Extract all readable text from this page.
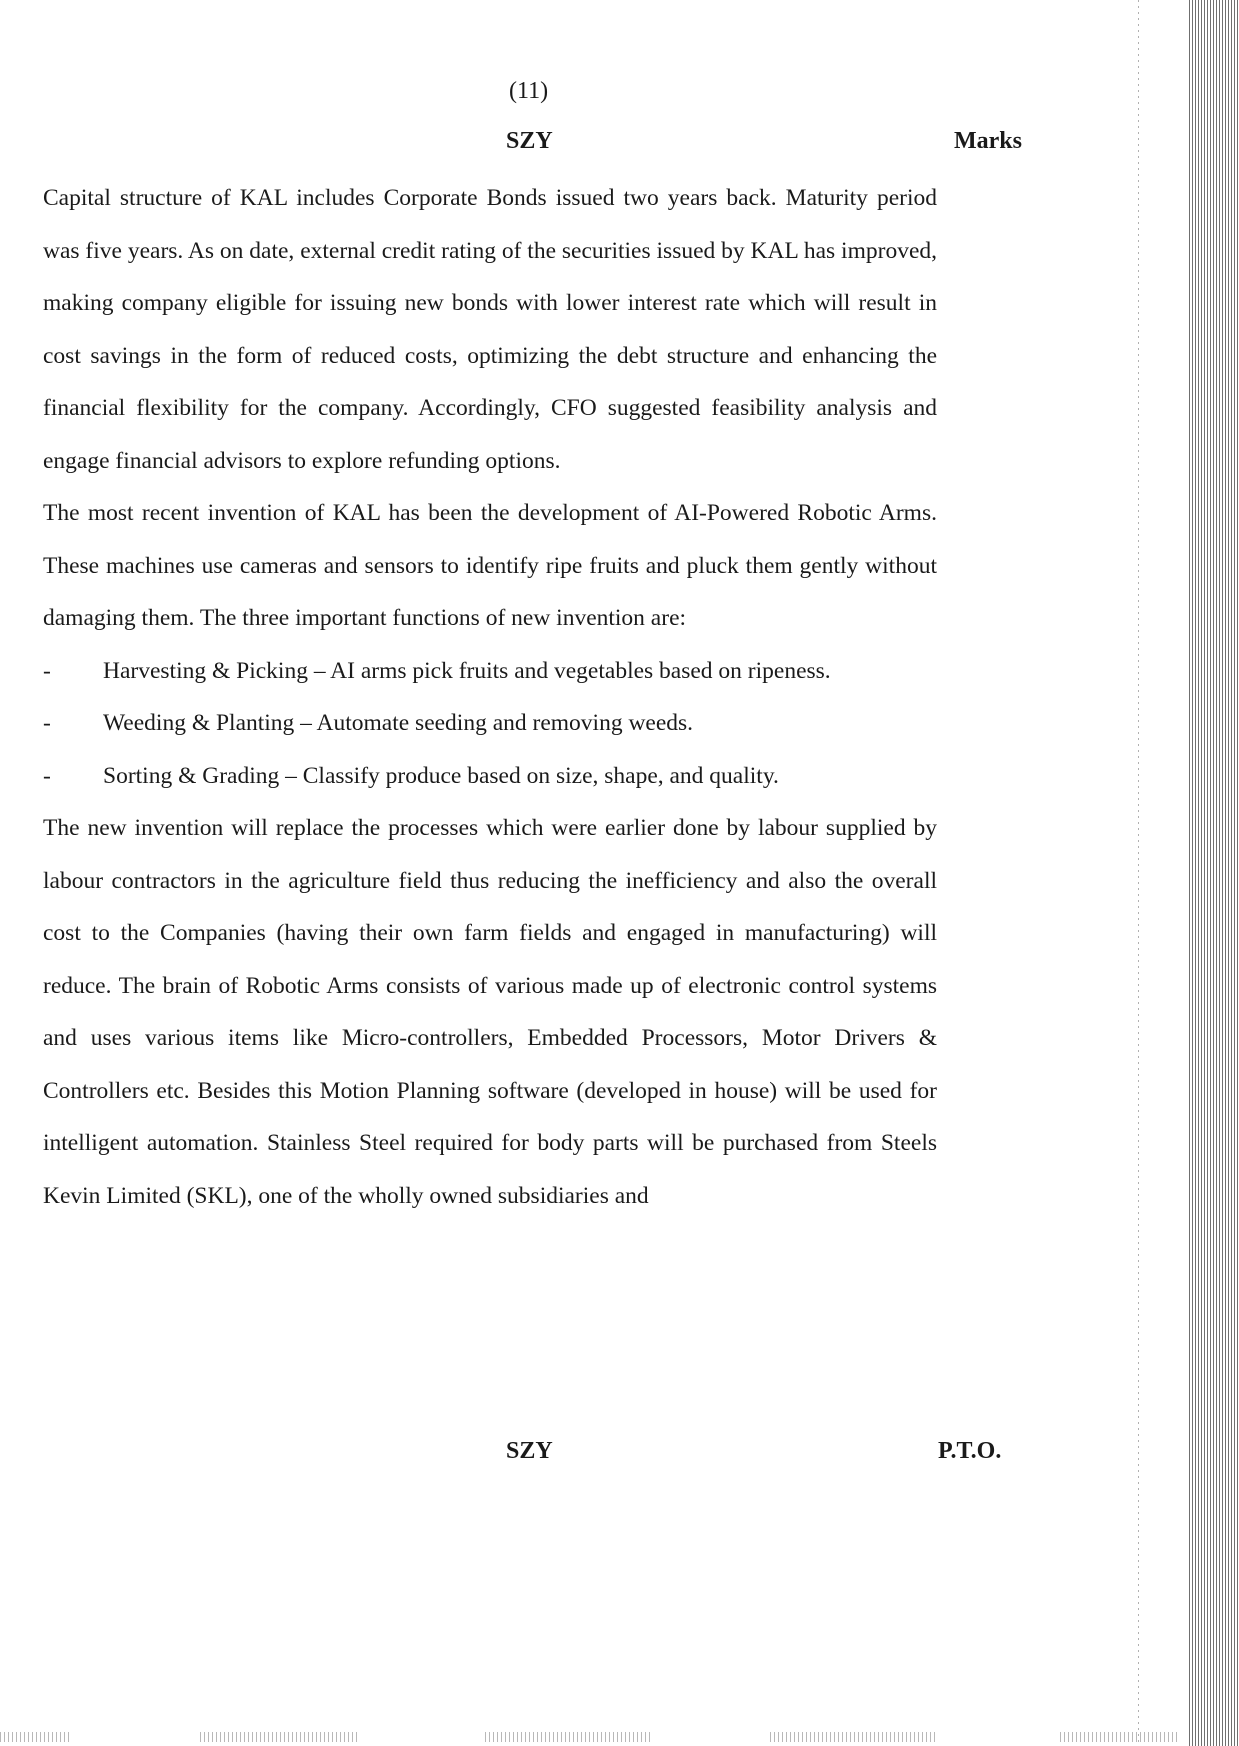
(11)
SZY	Marks

Capital structure of KAL includes Corporate Bonds issued two years back. Maturity period was five years. As on date, external credit rating of the securities issued by KAL has improved, making company eligible for issuing new bonds with lower interest rate which will result in cost savings in the form of reduced costs, optimizing the debt structure and enhancing the financial flexibility for the company. Accordingly, CFO suggested feasibility analysis and engage financial advisors to explore refunding options.

The most recent invention of KAL has been the development of AI-Powered Robotic Arms. These machines use cameras and sensors to identify ripe fruits and pluck them gently without damaging them. The three important functions of new invention are:

- Harvesting & Picking – AI arms pick fruits and vegetables based on ripeness.
- Weeding & Planting – Automate seeding and removing weeds.
- Sorting & Grading – Classify produce based on size, shape, and quality.

The new invention will replace the processes which were earlier done by labour supplied by labour contractors in the agriculture field thus reducing the inefficiency and also the overall cost to the Companies (having their own farm fields and engaged in manufacturing) will reduce. The brain of Robotic Arms consists of various made up of electronic control systems and uses various items like Micro-controllers, Embedded Processors, Motor Drivers & Controllers etc. Besides this Motion Planning software (developed in house) will be used for intelligent automation. Stainless Steel required for body parts will be purchased from Steels Kevin Limited (SKL), one of the wholly owned subsidiaries and

SZY	P.T.O.
